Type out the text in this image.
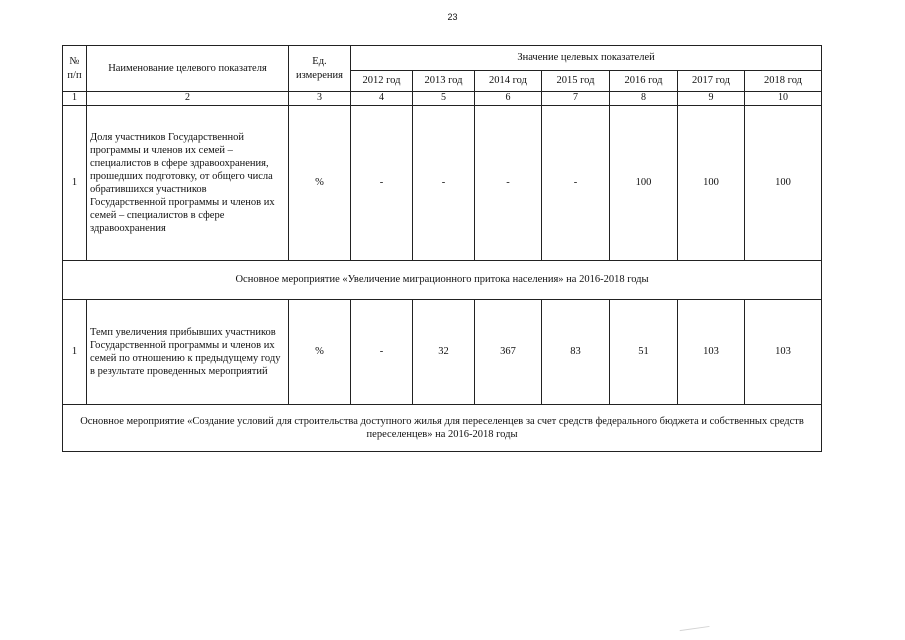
23
№ п/п	Наименование целевого показателя	Ед. измерения	Значение целевых показателей						
			2012 год	2013 год	2014 год	2015 год	2016 год	2017 год	2018 год
1	2	3	4	5	6	7	8	9	10
1	Доля участников Государственной программы и членов их семей – специалистов в сфере здравоохранения, прошедших подготовку, от общего числа обратившихся участников Государственной программы и членов их семей – специалистов в сфере здравоохранения	%	-	-	-	-	100	100	100
Основное мероприятие «Увеличение миграционного притока населения» на 2016-2018 годы									
1	Темп увеличения прибывших участников Государственной программы и членов их семей по отношению к предыдущему году в результате проведенных мероприятий	%	-	32	367	83	51	103	103
Основное мероприятие «Создание условий для строительства доступного жилья для переселенцев за счет средств федерального бюджета и собственных средств переселенцев» на 2016-2018 годы									
